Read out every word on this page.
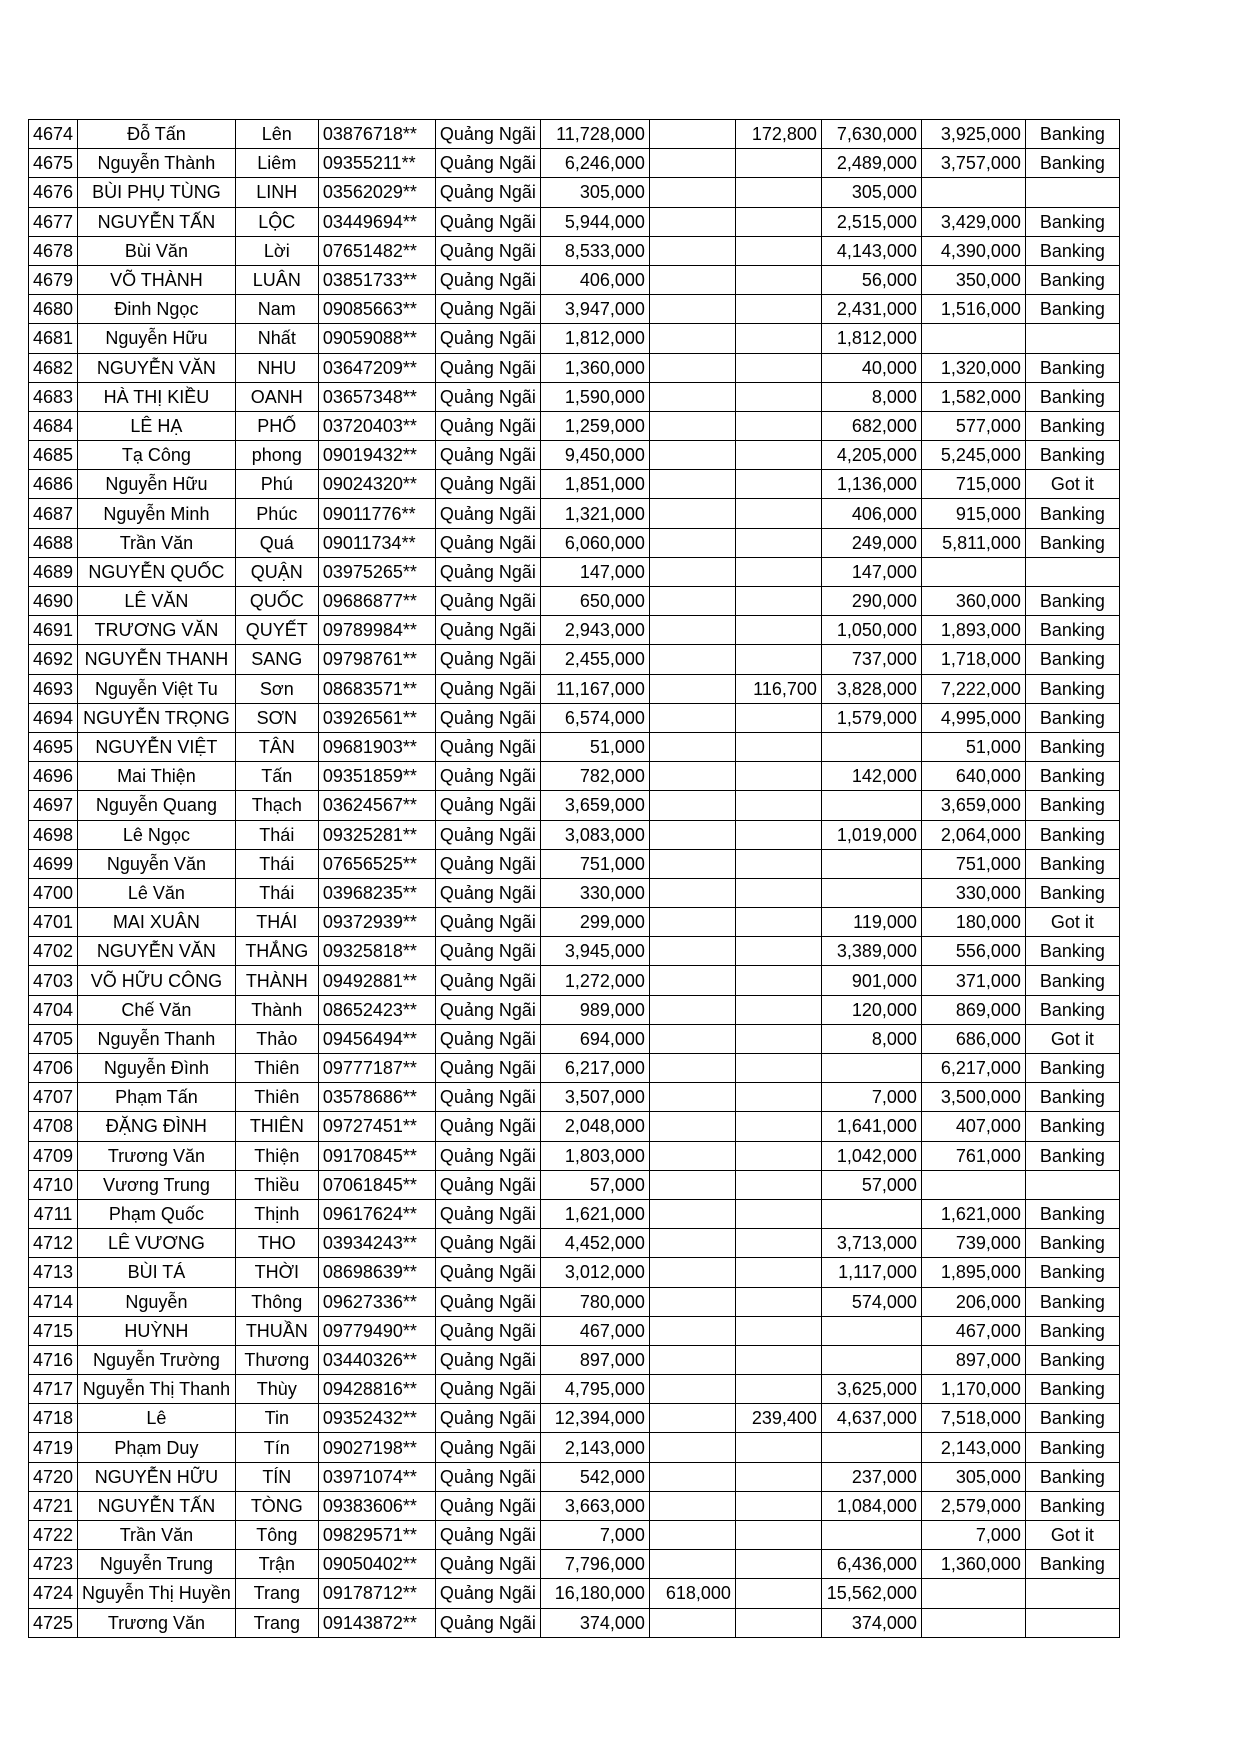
4674	Đỗ Tấn	Lên	03876718**	Quảng Ngãi	11,728,000		172,800	7,630,000	3,925,000	Banking
4675	Nguyễn Thành	Liêm	09355211**	Quảng Ngãi	6,246,000			2,489,000	3,757,000	Banking
4676	BÙI PHỤ TÙNG	LINH	03562029**	Quảng Ngãi	305,000			305,000		
4677	NGUYỄN TẤN	LỘC	03449694**	Quảng Ngãi	5,944,000			2,515,000	3,429,000	Banking
4678	Bùi Văn	Lời	07651482**	Quảng Ngãi	8,533,000			4,143,000	4,390,000	Banking
4679	VÕ THÀNH	LUÂN	03851733**	Quảng Ngãi	406,000			56,000	350,000	Banking
4680	Đinh Ngọc	Nam	09085663**	Quảng Ngãi	3,947,000			2,431,000	1,516,000	Banking
4681	Nguyễn Hữu	Nhất	09059088**	Quảng Ngãi	1,812,000			1,812,000		
4682	NGUYỄN VĂN	NHU	03647209**	Quảng Ngãi	1,360,000			40,000	1,320,000	Banking
4683	HÀ THỊ KIỀU	OANH	03657348**	Quảng Ngãi	1,590,000			8,000	1,582,000	Banking
4684	LÊ HẠ	PHỐ	03720403**	Quảng Ngãi	1,259,000			682,000	577,000	Banking
4685	Tạ Công	phong	09019432**	Quảng Ngãi	9,450,000			4,205,000	5,245,000	Banking
4686	Nguyễn Hữu	Phú	09024320**	Quảng Ngãi	1,851,000			1,136,000	715,000	Got it
4687	Nguyễn Minh	Phúc	09011776**	Quảng Ngãi	1,321,000			406,000	915,000	Banking
4688	Trần Văn	Quá	09011734**	Quảng Ngãi	6,060,000			249,000	5,811,000	Banking
4689	NGUYỄN QUỐC	QUẬN	03975265**	Quảng Ngãi	147,000			147,000		
4690	LÊ VĂN	QUỐC	09686877**	Quảng Ngãi	650,000			290,000	360,000	Banking
4691	TRƯƠNG VĂN	QUYẾT	09789984**	Quảng Ngãi	2,943,000			1,050,000	1,893,000	Banking
4692	NGUYỄN THANH	SANG	09798761**	Quảng Ngãi	2,455,000			737,000	1,718,000	Banking
4693	Nguyễn Việt Tu	Sơn	08683571**	Quảng Ngãi	11,167,000		116,700	3,828,000	7,222,000	Banking
4694	NGUYỄN TRỌNG	SƠN	03926561**	Quảng Ngãi	6,574,000			1,579,000	4,995,000	Banking
4695	NGUYỄN VIỆT	TÂN	09681903**	Quảng Ngãi	51,000				51,000	Banking
4696	Mai Thiện	Tấn	09351859**	Quảng Ngãi	782,000			142,000	640,000	Banking
4697	Nguyễn Quang	Thạch	03624567**	Quảng Ngãi	3,659,000				3,659,000	Banking
4698	Lê Ngọc	Thái	09325281**	Quảng Ngãi	3,083,000			1,019,000	2,064,000	Banking
4699	Nguyễn Văn	Thái	07656525**	Quảng Ngãi	751,000				751,000	Banking
4700	Lê Văn	Thái	03968235**	Quảng Ngãi	330,000				330,000	Banking
4701	MAI XUÂN	THÁI	09372939**	Quảng Ngãi	299,000			119,000	180,000	Got it
4702	NGUYỄN VĂN	THẮNG	09325818**	Quảng Ngãi	3,945,000			3,389,000	556,000	Banking
4703	VÕ HỮU CÔNG	THÀNH	09492881**	Quảng Ngãi	1,272,000			901,000	371,000	Banking
4704	Chế Văn	Thành	08652423**	Quảng Ngãi	989,000			120,000	869,000	Banking
4705	Nguyễn Thanh	Thảo	09456494**	Quảng Ngãi	694,000			8,000	686,000	Got it
4706	Nguyễn Đình	Thiên	09777187**	Quảng Ngãi	6,217,000				6,217,000	Banking
4707	Phạm Tấn	Thiên	03578686**	Quảng Ngãi	3,507,000			7,000	3,500,000	Banking
4708	ĐẶNG ĐÌNH	THIÊN	09727451**	Quảng Ngãi	2,048,000			1,641,000	407,000	Banking
4709	Trương Văn	Thiện	09170845**	Quảng Ngãi	1,803,000			1,042,000	761,000	Banking
4710	Vương Trung	Thiều	07061845**	Quảng Ngãi	57,000			57,000		
4711	Phạm Quốc	Thịnh	09617624**	Quảng Ngãi	1,621,000				1,621,000	Banking
4712	LÊ VƯƠNG	THO	03934243**	Quảng Ngãi	4,452,000			3,713,000	739,000	Banking
4713	BÙI TÁ	THỜI	08698639**	Quảng Ngãi	3,012,000			1,117,000	1,895,000	Banking
4714	Nguyễn	Thông	09627336**	Quảng Ngãi	780,000			574,000	206,000	Banking
4715	HUỲNH	THUẦN	09779490**	Quảng Ngãi	467,000				467,000	Banking
4716	Nguyễn Trường	Thương	03440326**	Quảng Ngãi	897,000				897,000	Banking
4717	Nguyễn Thị Thanh	Thùy	09428816**	Quảng Ngãi	4,795,000			3,625,000	1,170,000	Banking
4718	Lê	Tin	09352432**	Quảng Ngãi	12,394,000		239,400	4,637,000	7,518,000	Banking
4719	Phạm Duy	Tín	09027198**	Quảng Ngãi	2,143,000				2,143,000	Banking
4720	NGUYỄN HỮU	TÍN	03971074**	Quảng Ngãi	542,000			237,000	305,000	Banking
4721	NGUYỄN TẤN	TÒNG	09383606**	Quảng Ngãi	3,663,000			1,084,000	2,579,000	Banking
4722	Trần Văn	Tông	09829571**	Quảng Ngãi	7,000				7,000	Got it
4723	Nguyễn Trung	Trận	09050402**	Quảng Ngãi	7,796,000			6,436,000	1,360,000	Banking
4724	Nguyễn Thị Huyền	Trang	09178712**	Quảng Ngãi	16,180,000	618,000		15,562,000		
4725	Trương Văn	Trang	09143872**	Quảng Ngãi	374,000			374,000		
